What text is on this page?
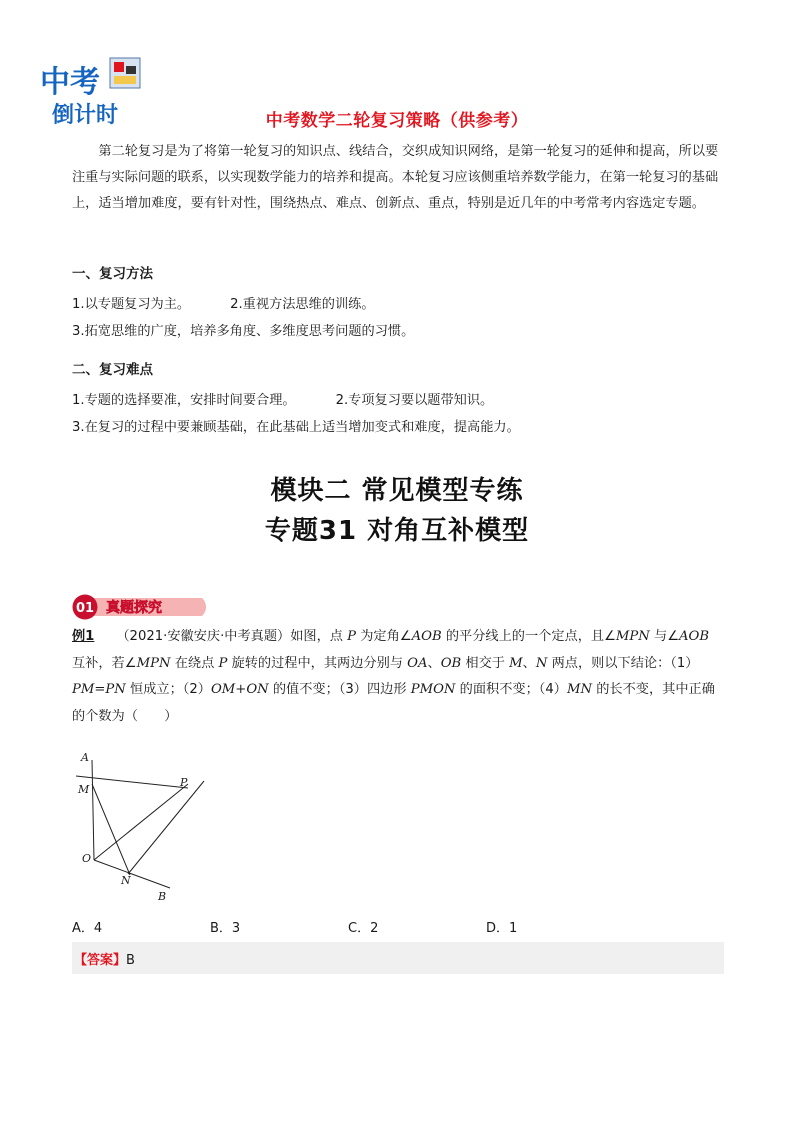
中考
倒计时	中考数学二轮复习策略（供参考）
第二轮复习是为了将第一轮复习的知识点、线结合，交织成知识网络，是第一轮复习的延伸和提高，所以要注重与实际问题的联系，以实现数学能力的培养和提高。本轮复习应该侧重培养数学能力，在第一轮复习的基础上，适当增加难度，要有针对性，围绕热点、难点、创新点、重点，特别是近几年的中考常考内容选定专题。
一、复习方法
1.以专题复习为主。	2.重视方法思维的训练。
3.拓宽思维的广度，培养多角度、多维度思考问题的习惯。
二、复习难点
1.专题的选择要准，安排时间要合理。	2.专项复习要以题带知识。
3.在复习的过程中要兼顾基础，在此基础上适当增加变式和难度，提高能力。
模块二 常见模型专练
专题31 对角互补模型
01 真题探究
例1 （2021·安徽安庆·中考真题）如图，点 P 为定角∠AOB 的平分线上的一个定点，且∠MPN 与∠AOB 互补，若∠MPN 在绕点 P 旋转的过程中，其两边分别与 OA、OB 相交于 M、N 两点，则以下结论：（1）PM=PN 恒成立；（2）OM+ON 的值不变；（3）四边形 PMON 的面积不变；（4）MN 的长不变，其中正确的个数为（　　）
A
M
P
O
N
B
A．4	B．3	C．2	D．1
【答案】B
